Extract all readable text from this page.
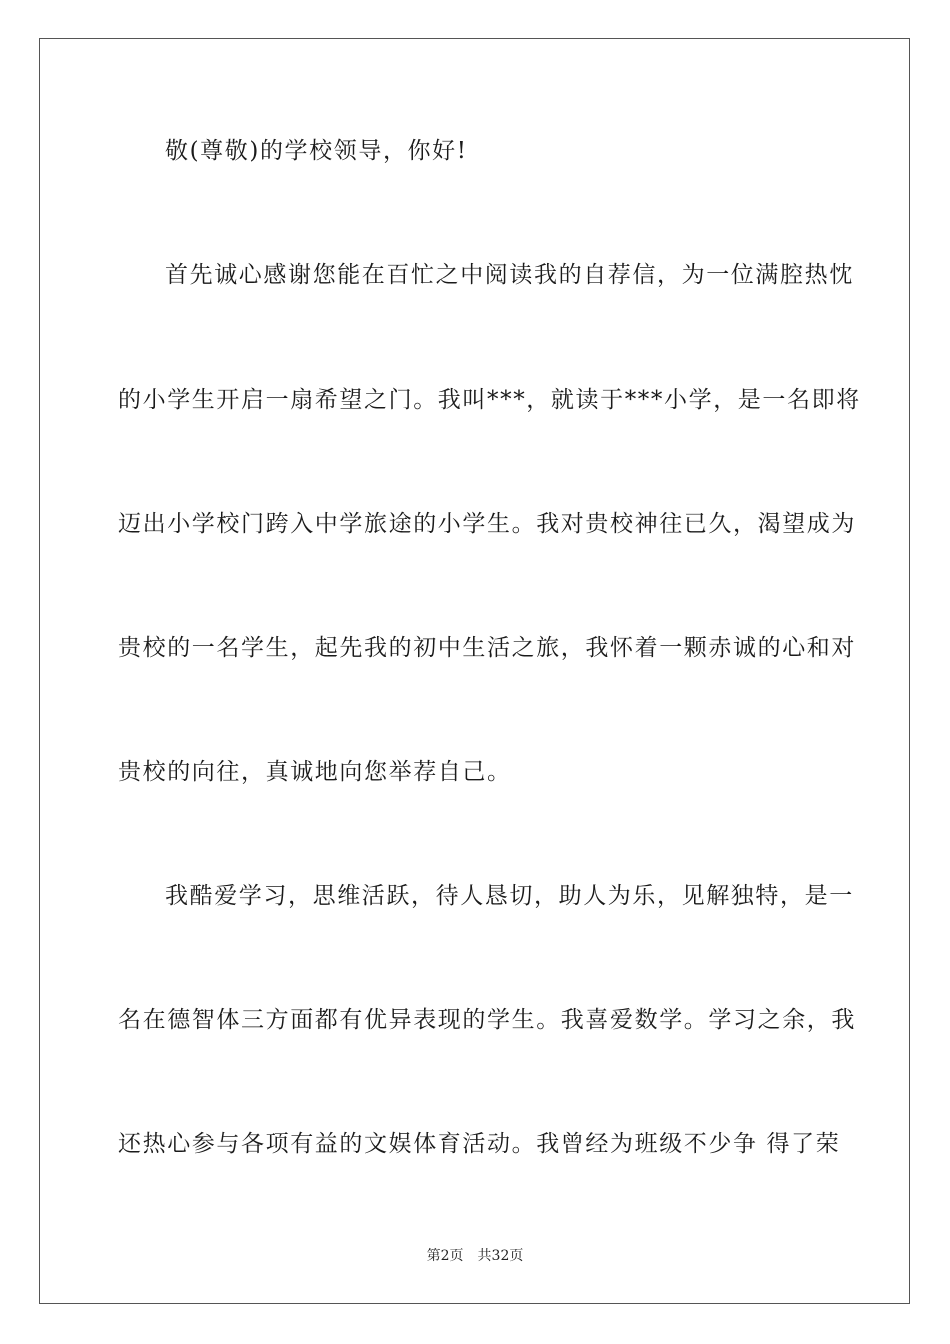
敬(尊敬)的学校领导，你好!
首先诚心感谢您能在百忙之中阅读我的自荐信，为一位满腔热忱
的小学生开启一扇希望之门。我叫***，就读于***小学，是一名即将
迈出小学校门跨入中学旅途的小学生。我对贵校神往已久，渴望成为
贵校的一名学生，起先我的初中生活之旅，我怀着一颗赤诚的心和对
贵校的向往，真诚地向您举荐自己。
我酷爱学习，思维活跃，待人恳切，助人为乐，见解独特，是一
名在德智体三方面都有优异表现的学生。我喜爱数学。学习之余，我
还热心参与各项有益的文娱体育活动。我曾经为班级不少争 得了荣
第2页 共32页
